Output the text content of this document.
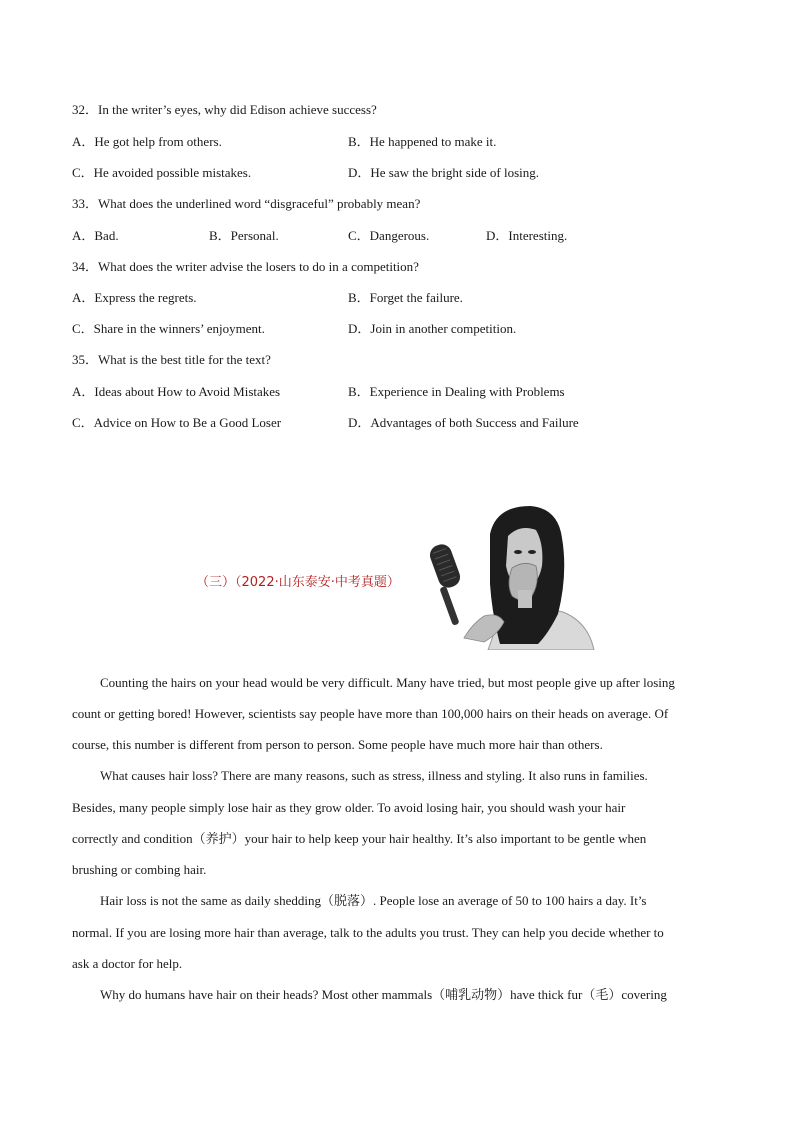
32．In the writer’s eyes, why did Edison achieve success?
A．He got help from others.	B．He happened to make it.
C．He avoided possible mistakes.	D．He saw the bright side of losing.
33．What does the underlined word “disgraceful” probably mean?
A．Bad.	B．Personal.	C．Dangerous.	D．Interesting.
34．What does the writer advise the losers to do in a competition?
A．Express the regrets.	B．Forget the failure.
C．Share in the winners’ enjoyment.	D．Join in another competition.
35．What is the best title for the text?
A．Ideas about How to Avoid Mistakes	B．Experience in Dealing with Problems
C．Advice on How to Be a Good Loser	D．Advantages of both Success and Failure
（三）（2022·山东泰安·中考真题）
Counting the hairs on your head would be very difficult. Many have tried, but most people give up after losing
count or getting bored! However, scientists say people have more than 100,000 hairs on their heads on average. Of
course, this number is different from person to person. Some people have much more hair than others.
What causes hair loss? There are many reasons, such as stress, illness and styling. It also runs in families.
Besides, many people simply lose hair as they grow older. To avoid losing hair, you should wash your hair
correctly and condition（养护）your hair to help keep your hair healthy. It’s also important to be gentle when
brushing or combing hair.
Hair loss is not the same as daily shedding（脱落）. People lose an average of 50 to 100 hairs a day. It’s
normal. If you are losing more hair than average, talk to the adults you trust. They can help you decide whether to
ask a doctor for help.
Why do humans have hair on their heads? Most other mammals（哺乳动物）have thick fur（毛）covering
